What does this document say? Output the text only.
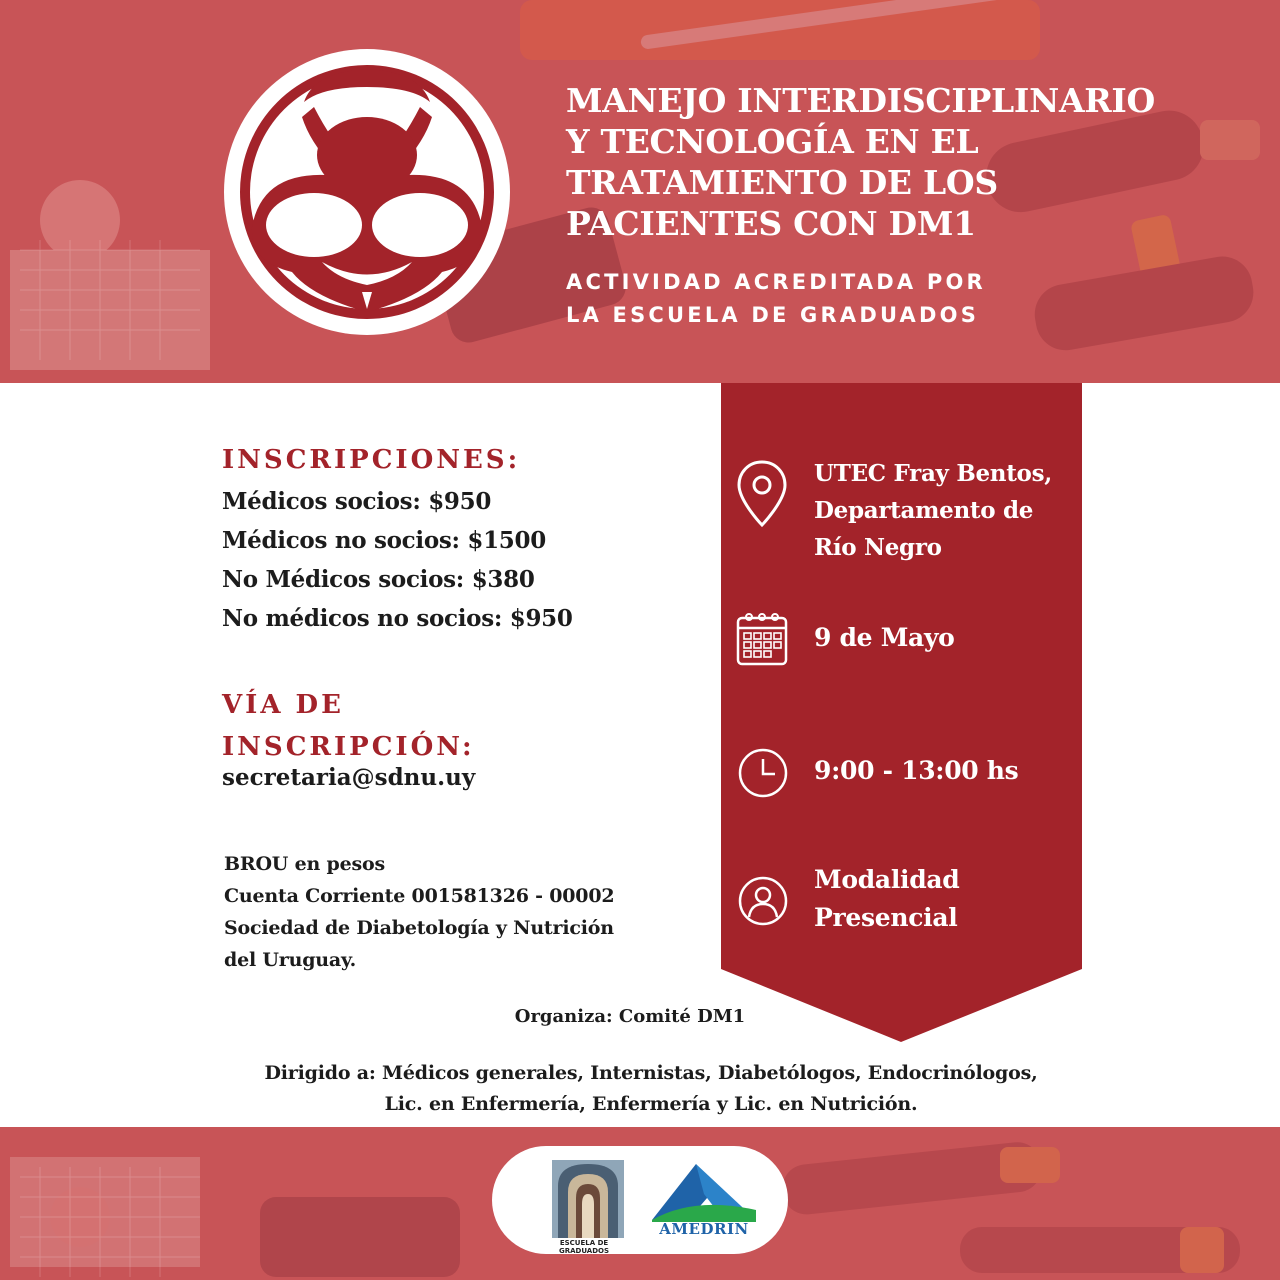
MANEJO INTERDISCIPLINARIO
Y TECNOLOGÍA EN EL
TRATAMIENTO DE LOS
PACIENTES CON DM1
ACTIVIDAD ACREDITADA POR
LA ESCUELA DE GRADUADOS
INSCRIPCIONES:
Médicos socios: $950
Médicos no socios: $1500
No Médicos socios: $380
No médicos no socios: $950
VÍA DE
INSCRIPCIÓN:
secretaria@sdnu.uy
BROU en pesos
Cuenta Corriente 001581326 - 00002
Sociedad de Diabetología y Nutrición
del Uruguay.
UTEC Fray Bentos,
Departamento de
Río Negro
9 de Mayo
9:00 - 13:00 hs
Modalidad
Presencial
Organiza: Comité DM1
Dirigido a: Médicos generales, Internistas, Diabetólogos, Endocrinólogos,
Lic. en Enfermería, Enfermería y Lic. en Nutrición.
ESCUELA DE GRADUADOS
AMEDRIN
